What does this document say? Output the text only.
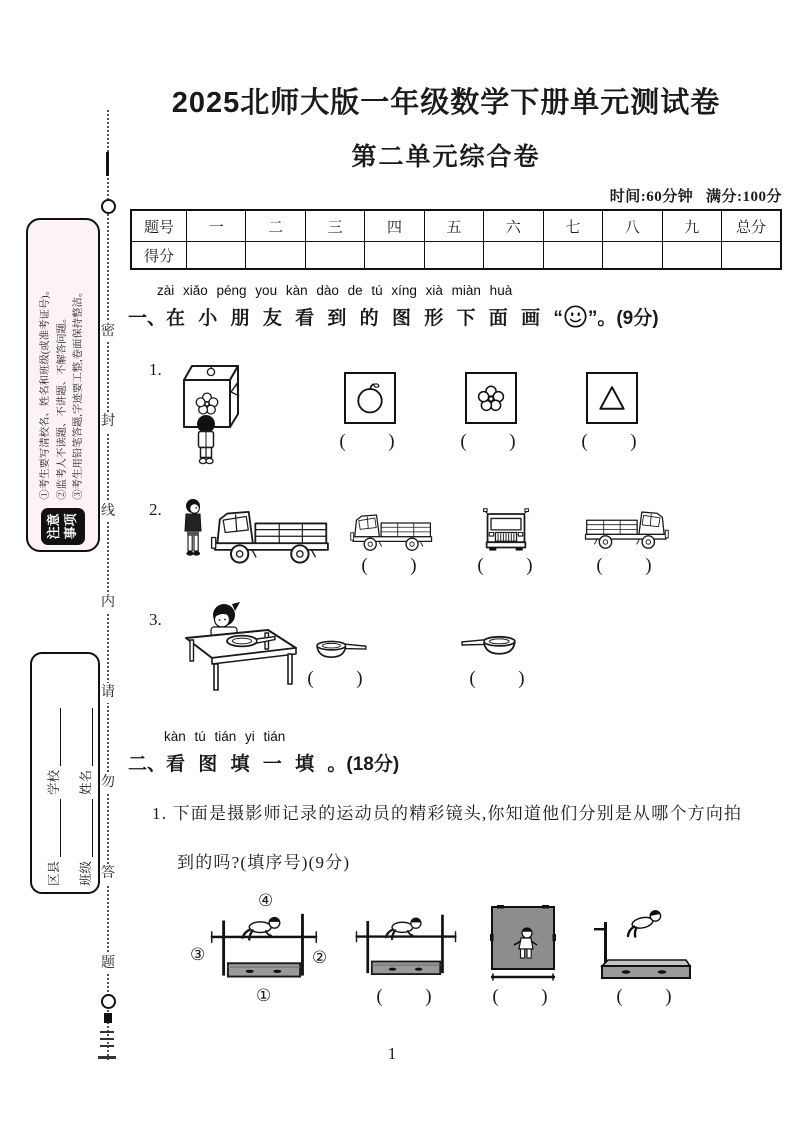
密
封
线
内
请
勿
答
题
注意事项
①考生要写清校名、姓名和班级(或准考证号)。 ②监考人不读题、不讲题、不解答问题。 ③考生用铅笔答题,字迹要工整,卷面保持整洁。
区县
学校
班级
姓名
2025北师大版一年级数学下册单元测试卷
第二单元综合卷
时间:60分钟   满分:100分
题号	一	二	三	四	五	六	七	八	九	总分
得分										
zài xiǎo péng you kàn dào de tú xíng xià miàn huà
一、在 小 朋 友 看 到 的 图 形 下 面 画 “ ”。(9分)
1.
(      )	(      )	(      )
2.
(      )	(      )	(      )
3.
(      )	(      )
kàn tú tián yi tián
二、看 图 填 一 填 。(18分)
1. 下面是摄影师记录的运动员的精彩镜头,你知道他们分别是从哪个方向拍
到的吗?(填序号)(9分)
④
③	②
①	(      )	(      )	(      )
1
